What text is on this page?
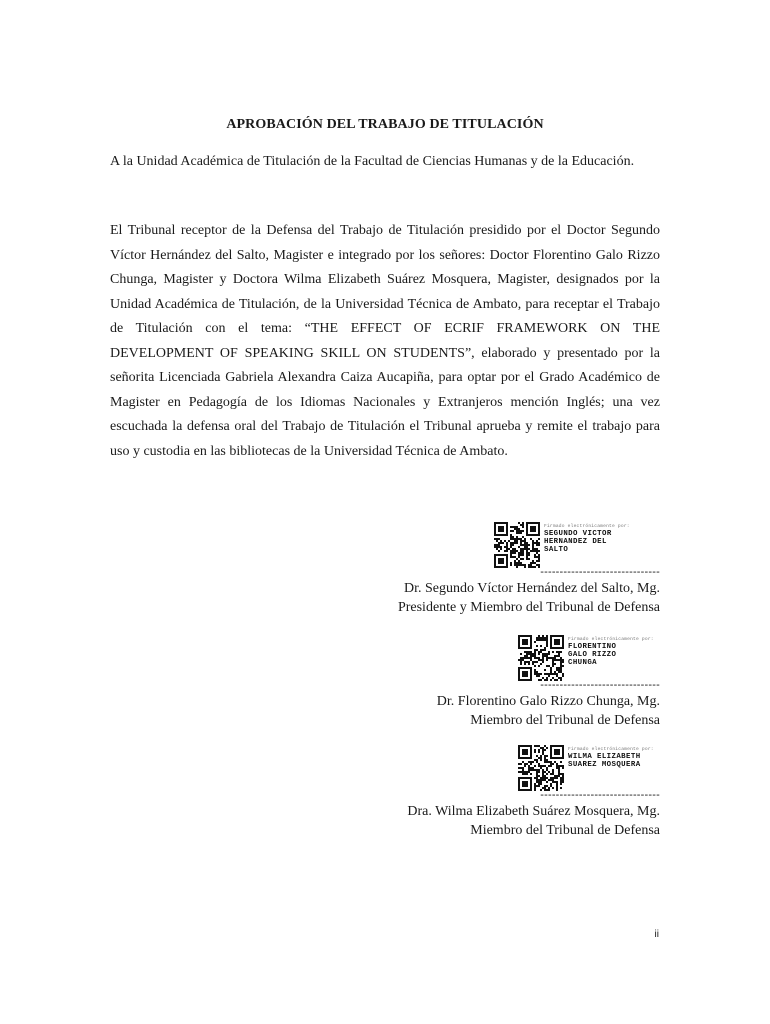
APROBACIÓN DEL TRABAJO DE TITULACIÓN

A la Unidad Académica de Titulación de la Facultad de Ciencias Humanas y de la Educación.

El Tribunal receptor de la Defensa del Trabajo de Titulación presidido por el Doctor Segundo Víctor Hernández del Salto, Magister e integrado por los señores: Doctor Florentino Galo Rizzo Chunga, Magister y Doctora Wilma Elizabeth Suárez Mosquera, Magister, designados por la Unidad Académica de Titulación, de la Universidad Técnica de Ambato, para receptar el Trabajo de Titulación con el tema: “THE EFFECT OF ECRIF FRAMEWORK ON THE DEVELOPMENT OF SPEAKING SKILL ON STUDENTS”, elaborado y presentado por la señorita Licenciada Gabriela Alexandra Caiza Aucapiña, para optar por el Grado Académico de Magister en Pedagogía de los Idiomas Nacionales y Extranjeros mención Inglés; una vez escuchada la defensa oral del Trabajo de Titulación el Tribunal aprueba y remite el trabajo para uso y custodia en las bibliotecas de la Universidad Técnica de Ambato.

Firmado electrónicamente por:
SEGUNDO VICTOR
HERNANDEZ DEL
SALTO
-------------------------------
Dr. Segundo Víctor Hernández del Salto, Mg.
Presidente y Miembro del Tribunal de Defensa
Firmado electrónicamente por:
FLORENTINO
GALO RIZZO
CHUNGA
-------------------------------
Dr. Florentino Galo Rizzo Chunga, Mg.
Miembro del Tribunal de Defensa
Firmado electrónicamente por:
WILMA ELIZABETH
SUAREZ MOSQUERA
-------------------------------
Dra. Wilma Elizabeth Suárez Mosquera, Mg.
Miembro del Tribunal de Defensa
ii
